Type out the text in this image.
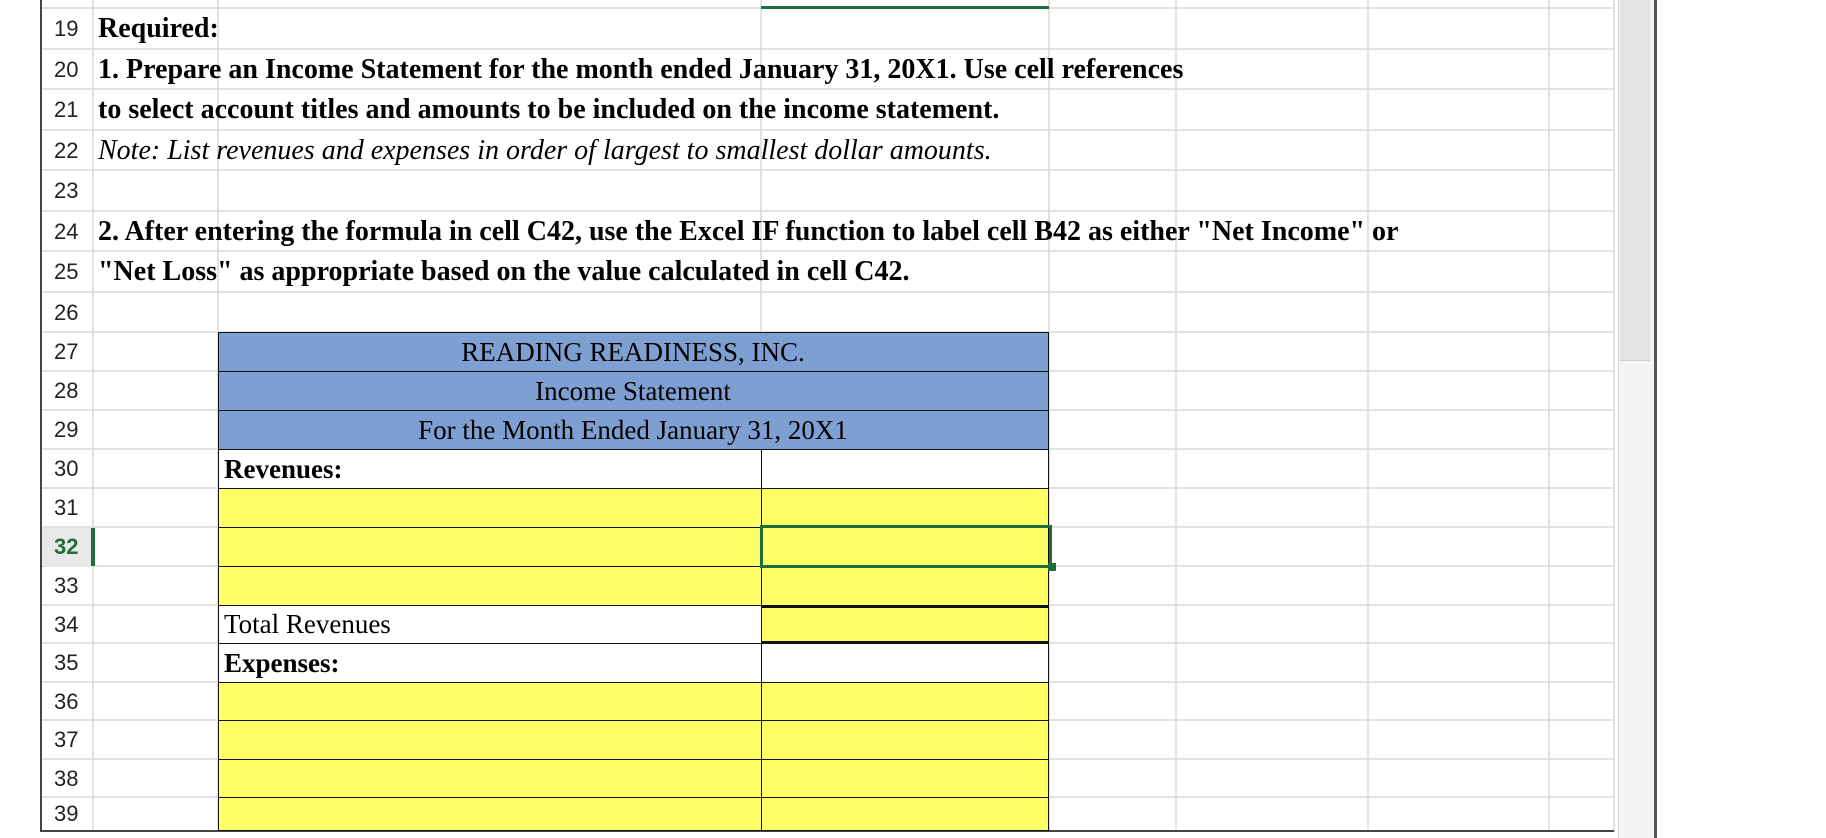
19
20
21
22
23
24
25
26
27
28
29
30
31
32
33
34
35
36
37
38
39
Required:
1. Prepare an Income Statement for the month ended January 31, 20X1. Use cell references
to select account titles and amounts to be included on the income statement.
Note: List revenues and expenses in order of largest to smallest dollar amounts.
2. After entering the formula in cell C42, use the Excel IF function to label cell B42 as either "Net Income" or
"Net Loss" as appropriate based on the value calculated in cell C42.
READING READINESS, INC.
Income Statement
For the Month Ended January 31, 20X1
Revenues:
Total Revenues
Expenses:
